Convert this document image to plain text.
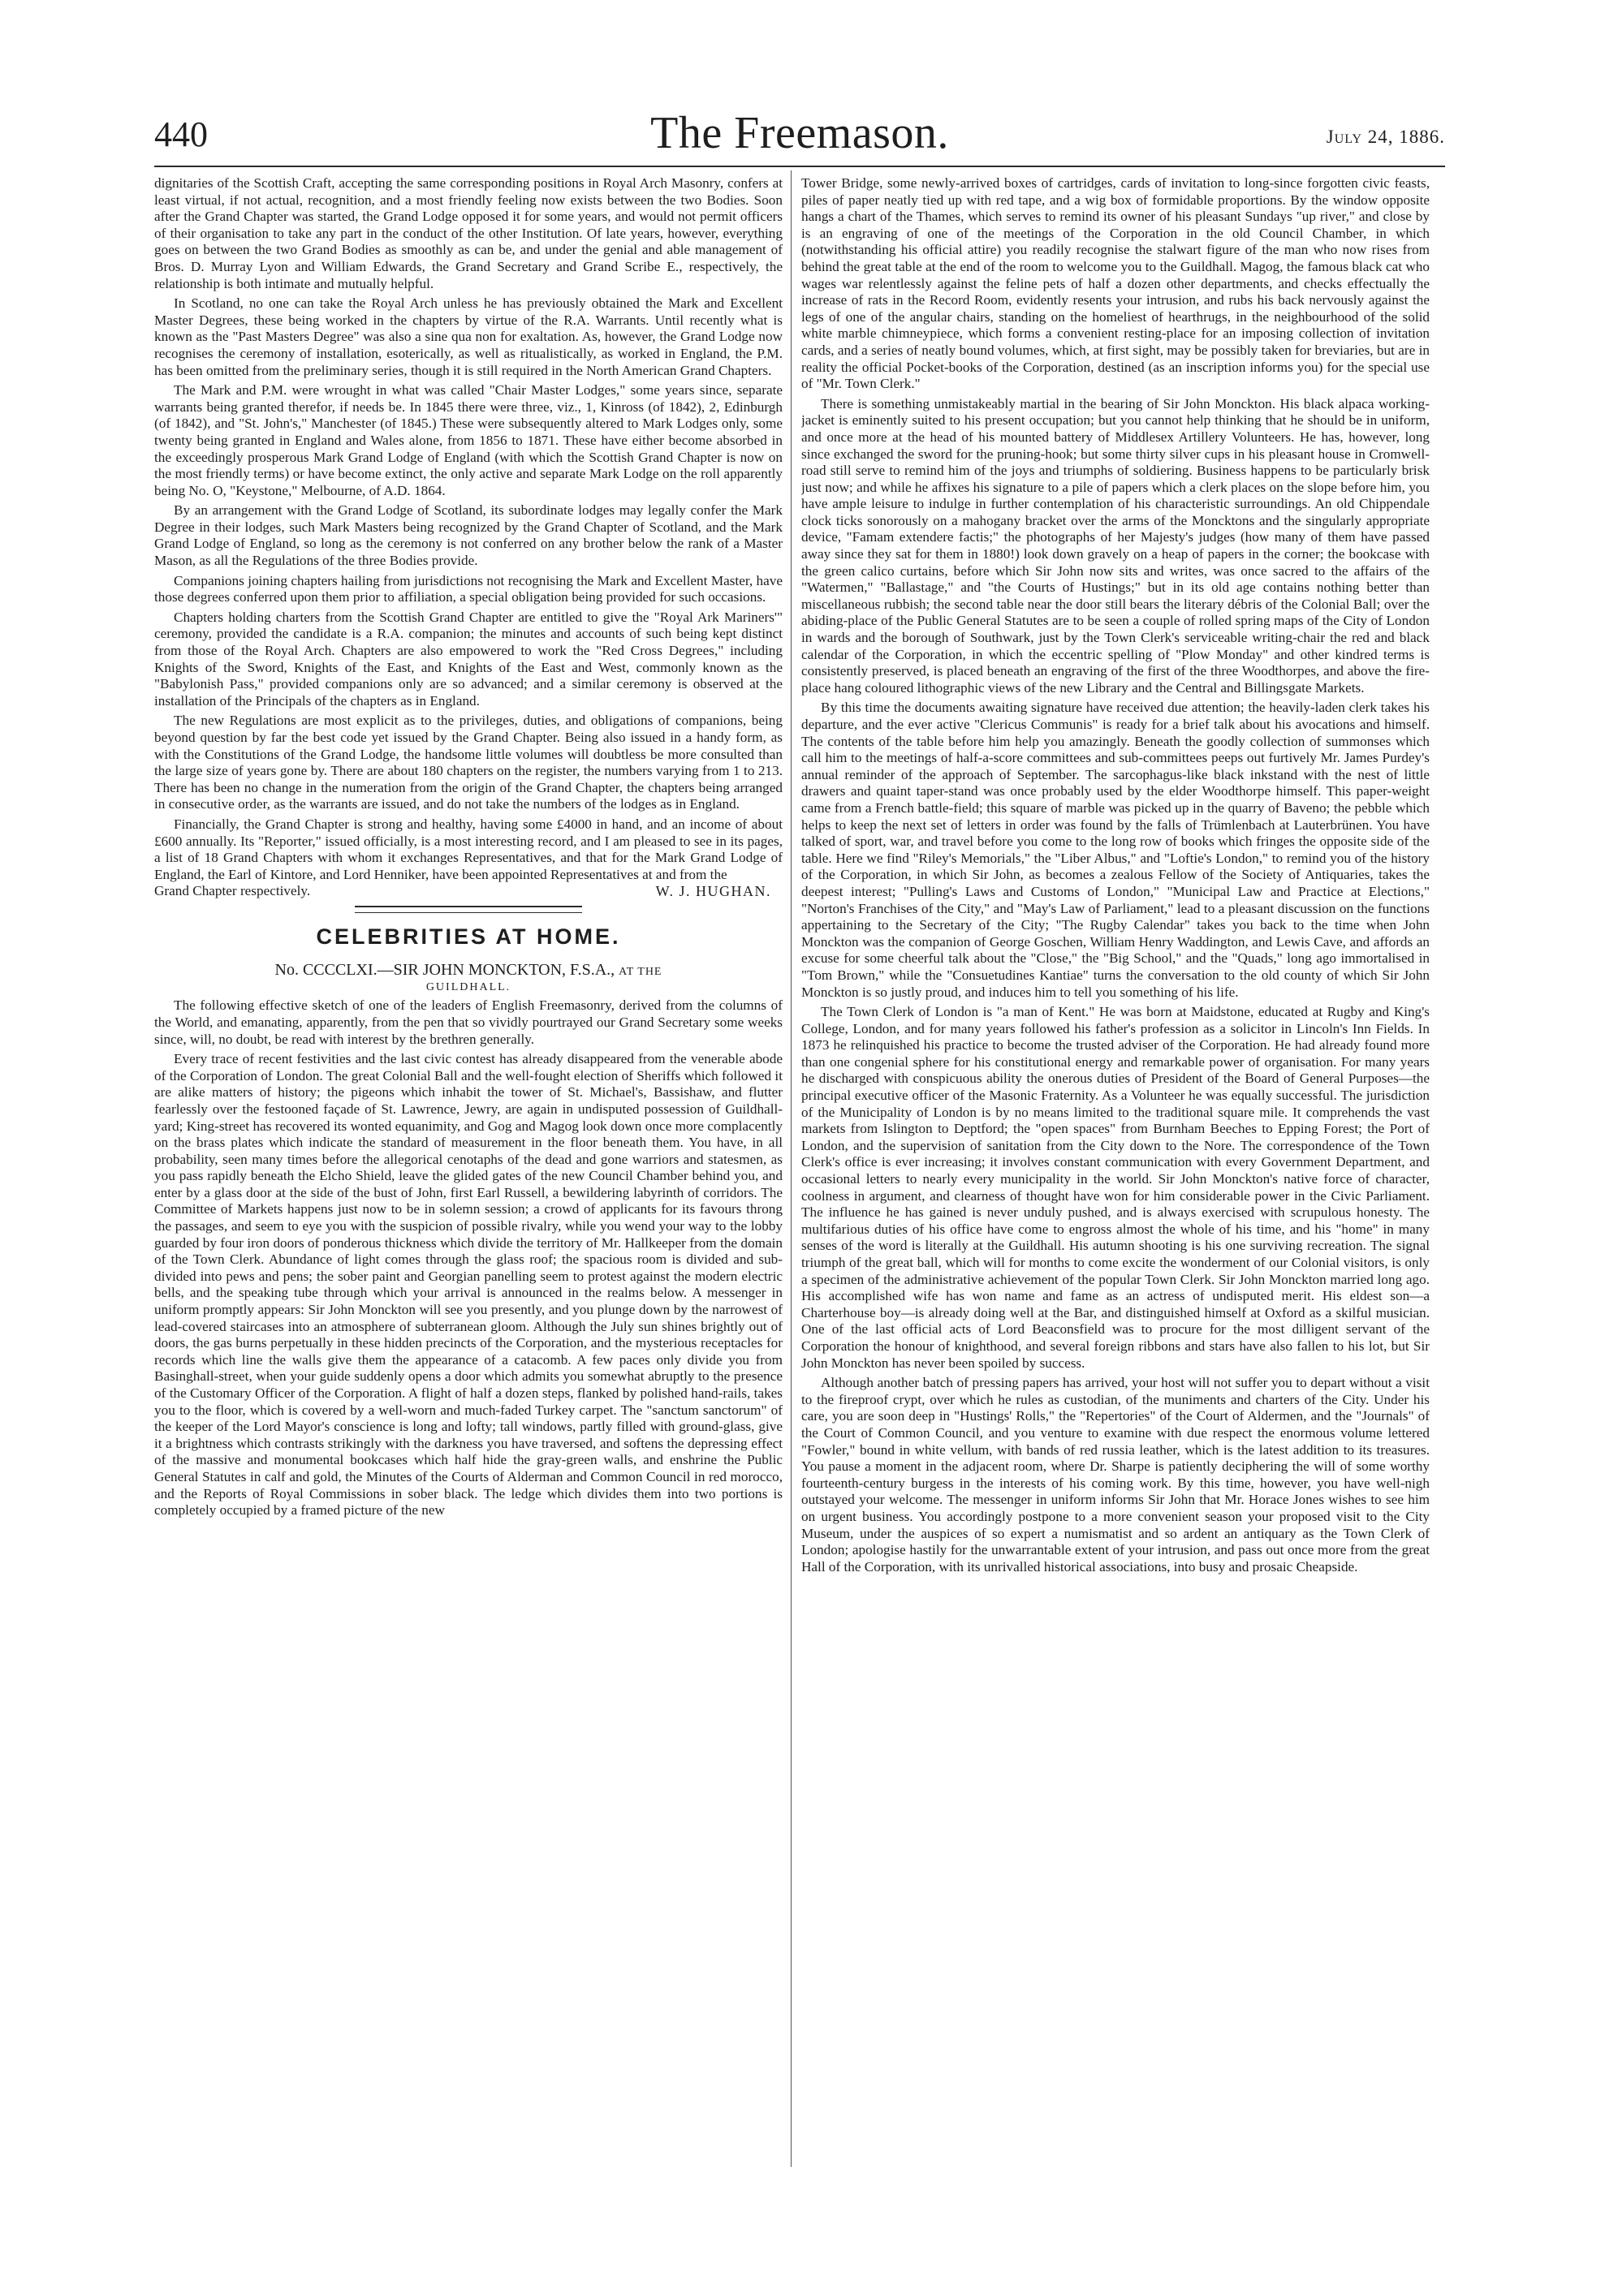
440	The Freemason.	July 24, 1886.

dignitaries of the Scottish Craft, accepting the same corresponding positions in Royal Arch Masonry, confers at least virtual, if not actual, recognition, and a most friendly feeling now exists between the two Bodies. Soon after the Grand Chapter was started, the Grand Lodge opposed it for some years, and would not permit officers of their organisation to take any part in the conduct of the other Institution. Of late years, however, everything goes on between the two Grand Bodies as smoothly as can be, and under the genial and able management of Bros. D. Murray Lyon and William Edwards, the Grand Secretary and Grand Scribe E., respectively, the relationship is both intimate and mutually helpful.

In Scotland, no one can take the Royal Arch unless he has previously obtained the Mark and Excellent Master Degrees, these being worked in the chapters by virtue of the R.A. Warrants. Until recently what is known as the "Past Masters Degree" was also a sine qua non for exaltation. As, however, the Grand Lodge now recognises the ceremony of installation, esoterically, as well as ritualistically, as worked in England, the P.M. has been omitted from the preliminary series, though it is still required in the North American Grand Chapters.

The Mark and P.M. were wrought in what was called "Chair Master Lodges," some years since, separate warrants being granted therefor, if needs be. In 1845 there were three, viz., 1, Kinross (of 1842), 2, Edinburgh (of 1842), and "St. John's," Manchester (of 1845.) These were subsequently altered to Mark Lodges only, some twenty being granted in England and Wales alone, from 1856 to 1871. These have either become absorbed in the exceedingly prosperous Mark Grand Lodge of England (with which the Scottish Grand Chapter is now on the most friendly terms) or have become extinct, the only active and separate Mark Lodge on the roll apparently being No. O, "Keystone," Melbourne, of A.D. 1864.

By an arrangement with the Grand Lodge of Scotland, its subordinate lodges may legally confer the Mark Degree in their lodges, such Mark Masters being recognized by the Grand Chapter of Scotland, and the Mark Grand Lodge of England, so long as the ceremony is not conferred on any brother below the rank of a Master Mason, as all the Regulations of the three Bodies provide.

Companions joining chapters hailing from jurisdictions not recognising the Mark and Excellent Master, have those degrees conferred upon them prior to affiliation, a special obligation being provided for such occasions.

Chapters holding charters from the Scottish Grand Chapter are entitled to give the "Royal Ark Mariners'" ceremony, provided the candidate is a R.A. companion; the minutes and accounts of such being kept distinct from those of the Royal Arch. Chapters are also empowered to work the "Red Cross Degrees," including Knights of the Sword, Knights of the East, and Knights of the East and West, commonly known as the "Babylonish Pass," provided companions only are so advanced; and a similar ceremony is observed at the installation of the Principals of the chapters as in England.

The new Regulations are most explicit as to the privileges, duties, and obligations of companions, being beyond question by far the best code yet issued by the Grand Chapter. Being also issued in a handy form, as with the Constitutions of the Grand Lodge, the handsome little volumes will doubtless be more consulted than the large size of years gone by. There are about 180 chapters on the register, the numbers varying from 1 to 213. There has been no change in the numeration from the origin of the Grand Chapter, the chapters being arranged in consecutive order, as the warrants are issued, and do not take the numbers of the lodges as in England.

Financially, the Grand Chapter is strong and healthy, having some £4000 in hand, and an income of about £600 annually. Its "Reporter," issued officially, is a most interesting record, and I am pleased to see in its pages, a list of 18 Grand Chapters with whom it exchanges Representatives, and that for the Mark Grand Lodge of England, the Earl of Kintore, and Lord Henniker, have been appointed Representatives at and from the

Grand Chapter respectively.	W. J. HUGHAN.
CELEBRITIES AT HOME.
No. CCCCLXI.—SIR JOHN MONCKTON, F.S.A., AT THE
GUILDHALL.

The following effective sketch of one of the leaders of English Freemasonry, derived from the columns of the World, and emanating, apparently, from the pen that so vividly pourtrayed our Grand Secretary some weeks since, will, no doubt, be read with interest by the brethren generally.

Every trace of recent festivities and the last civic contest has already disappeared from the venerable abode of the Corporation of London. The great Colonial Ball and the well-fought election of Sheriffs which followed it are alike matters of history; the pigeons which inhabit the tower of St. Michael's, Bassishaw, and flutter fearlessly over the festooned façade of St. Lawrence, Jewry, are again in undisputed possession of Guildhall-yard; King-street has recovered its wonted equanimity, and Gog and Magog look down once more complacently on the brass plates which indicate the standard of measurement in the floor beneath them. You have, in all probability, seen many times before the allegorical cenotaphs of the dead and gone warriors and statesmen, as you pass rapidly beneath the Elcho Shield, leave the glided gates of the new Council Chamber behind you, and enter by a glass door at the side of the bust of John, first Earl Russell, a bewildering labyrinth of corridors. The Committee of Markets happens just now to be in solemn session; a crowd of applicants for its favours throng the passages, and seem to eye you with the suspicion of possible rivalry, while you wend your way to the lobby guarded by four iron doors of ponderous thickness which divide the territory of Mr. Hallkeeper from the domain of the Town Clerk. Abundance of light comes through the glass roof; the spacious room is divided and sub-divided into pews and pens; the sober paint and Georgian panelling seem to protest against the modern electric bells, and the speaking tube through which your arrival is announced in the realms below. A messenger in uniform promptly appears: Sir John Monckton will see you presently, and you plunge down by the narrowest of lead-covered staircases into an atmosphere of subterranean gloom. Although the July sun shines brightly out of doors, the gas burns perpetually in these hidden precincts of the Corporation, and the mysterious receptacles for records which line the walls give them the appearance of a catacomb. A few paces only divide you from Basinghall-street, when your guide suddenly opens a door which admits you somewhat abruptly to the presence of the Customary Officer of the Corporation. A flight of half a dozen steps, flanked by polished hand-rails, takes you to the floor, which is covered by a well-worn and much-faded Turkey carpet. The "sanctum sanctorum" of the keeper of the Lord Mayor's conscience is long and lofty; tall windows, partly filled with ground-glass, give it a brightness which contrasts strikingly with the darkness you have traversed, and softens the depressing effect of the massive and monumental bookcases which half hide the gray-green walls, and enshrine the Public General Statutes in calf and gold, the Minutes of the Courts of Alderman and Common Council in red morocco, and the Reports of Royal Commissions in sober black. The ledge which divides them into two portions is completely occupied by a framed picture of the new

Tower Bridge, some newly-arrived boxes of cartridges, cards of invitation to long-since forgotten civic feasts, piles of paper neatly tied up with red tape, and a wig box of formidable proportions. By the window opposite hangs a chart of the Thames, which serves to remind its owner of his pleasant Sundays "up river," and close by is an engraving of one of the meetings of the Corporation in the old Council Chamber, in which (notwithstanding his official attire) you readily recognise the stalwart figure of the man who now rises from behind the great table at the end of the room to welcome you to the Guildhall. Magog, the famous black cat who wages war relentlessly against the feline pets of half a dozen other departments, and checks effectually the increase of rats in the Record Room, evidently resents your intrusion, and rubs his back nervously against the legs of one of the angular chairs, standing on the homeliest of hearthrugs, in the neighbourhood of the solid white marble chimneypiece, which forms a convenient resting-place for an imposing collection of invitation cards, and a series of neatly bound volumes, which, at first sight, may be possibly taken for breviaries, but are in reality the official Pocket-books of the Corporation, destined (as an inscription informs you) for the special use of "Mr. Town Clerk."

There is something unmistakeably martial in the bearing of Sir John Monckton. His black alpaca working-jacket is eminently suited to his present occupation; but you cannot help thinking that he should be in uniform, and once more at the head of his mounted battery of Middlesex Artillery Volunteers. He has, however, long since exchanged the sword for the pruning-hook; but some thirty silver cups in his pleasant house in Cromwell-road still serve to remind him of the joys and triumphs of soldiering. Business happens to be particularly brisk just now; and while he affixes his signature to a pile of papers which a clerk places on the slope before him, you have ample leisure to indulge in further contemplation of his characteristic surroundings. An old Chippendale clock ticks sonorously on a mahogany bracket over the arms of the Moncktons and the singularly appropriate device, "Famam extendere factis;" the photographs of her Majesty's judges (how many of them have passed away since they sat for them in 1880!) look down gravely on a heap of papers in the corner; the bookcase with the green calico curtains, before which Sir John now sits and writes, was once sacred to the affairs of the "Watermen," "Ballastage," and "the Courts of Hustings;" but in its old age contains nothing better than miscellaneous rubbish; the second table near the door still bears the literary débris of the Colonial Ball; over the abiding-place of the Public General Statutes are to be seen a couple of rolled spring maps of the City of London in wards and the borough of Southwark, just by the Town Clerk's serviceable writing-chair the red and black calendar of the Corporation, in which the eccentric spelling of "Plow Monday" and other kindred terms is consistently preserved, is placed beneath an engraving of the first of the three Woodthorpes, and above the fire-place hang coloured lithographic views of the new Library and the Central and Billingsgate Markets.

By this time the documents awaiting signature have received due attention; the heavily-laden clerk takes his departure, and the ever active "Clericus Communis" is ready for a brief talk about his avocations and himself. The contents of the table before him help you amazingly. Beneath the goodly collection of summonses which call him to the meetings of half-a-score committees and sub-committees peeps out furtively Mr. James Purdey's annual reminder of the approach of September. The sarcophagus-like black inkstand with the nest of little drawers and quaint taper-stand was once probably used by the elder Woodthorpe himself. This paper-weight came from a French battle-field; this square of marble was picked up in the quarry of Baveno; the pebble which helps to keep the next set of letters in order was found by the falls of Trümlenbach at Lauterbrünen. You have talked of sport, war, and travel before you come to the long row of books which fringes the opposite side of the table. Here we find "Riley's Memorials," the "Liber Albus," and "Loftie's London," to remind you of the history of the Corporation, in which Sir John, as becomes a zealous Fellow of the Society of Antiquaries, takes the deepest interest; "Pulling's Laws and Customs of London," "Municipal Law and Practice at Elections," "Norton's Franchises of the City," and "May's Law of Parliament," lead to a pleasant discussion on the functions appertaining to the Secretary of the City; "The Rugby Calendar" takes you back to the time when John Monckton was the companion of George Goschen, William Henry Waddington, and Lewis Cave, and affords an excuse for some cheerful talk about the "Close," the "Big School," and the "Quads," long ago immortalised in "Tom Brown," while the "Consuetudines Kantiae" turns the conversation to the old county of which Sir John Monckton is so justly proud, and induces him to tell you something of his life.

The Town Clerk of London is "a man of Kent." He was born at Maidstone, educated at Rugby and King's College, London, and for many years followed his father's profession as a solicitor in Lincoln's Inn Fields. In 1873 he relinquished his practice to become the trusted adviser of the Corporation. He had already found more than one congenial sphere for his constitutional energy and remarkable power of organisation. For many years he discharged with conspicuous ability the onerous duties of President of the Board of General Purposes—the principal executive officer of the Masonic Fraternity. As a Volunteer he was equally successful. The jurisdiction of the Municipality of London is by no means limited to the traditional square mile. It comprehends the vast markets from Islington to Deptford; the "open spaces" from Burnham Beeches to Epping Forest; the Port of London, and the supervision of sanitation from the City down to the Nore. The correspondence of the Town Clerk's office is ever increasing; it involves constant communication with every Government Department, and occasional letters to nearly every municipality in the world. Sir John Monckton's native force of character, coolness in argument, and clearness of thought have won for him considerable power in the Civic Parliament. The influence he has gained is never unduly pushed, and is always exercised with scrupulous honesty. The multifarious duties of his office have come to engross almost the whole of his time, and his "home" in many senses of the word is literally at the Guildhall. His autumn shooting is his one surviving recreation. The signal triumph of the great ball, which will for months to come excite the wonderment of our Colonial visitors, is only a specimen of the administrative achievement of the popular Town Clerk. Sir John Monckton married long ago. His accomplished wife has won name and fame as an actress of undisputed merit. His eldest son—a Charterhouse boy—is already doing well at the Bar, and distinguished himself at Oxford as a skilful musician. One of the last official acts of Lord Beaconsfield was to procure for the most dilligent servant of the Corporation the honour of knighthood, and several foreign ribbons and stars have also fallen to his lot, but Sir John Monckton has never been spoiled by success.

Although another batch of pressing papers has arrived, your host will not suffer you to depart without a visit to the fireproof crypt, over which he rules as custodian, of the muniments and charters of the City. Under his care, you are soon deep in "Hustings' Rolls," the "Repertories" of the Court of Aldermen, and the "Journals" of the Court of Common Council, and you venture to examine with due respect the enormous volume lettered "Fowler," bound in white vellum, with bands of red russia leather, which is the latest addition to its treasures. You pause a moment in the adjacent room, where Dr. Sharpe is patiently deciphering the will of some worthy fourteenth-century burgess in the interests of his coming work. By this time, however, you have well-nigh outstayed your welcome. The messenger in uniform informs Sir John that Mr. Horace Jones wishes to see him on urgent business. You accordingly postpone to a more convenient season your proposed visit to the City Museum, under the auspices of so expert a numismatist and so ardent an antiquary as the Town Clerk of London; apologise hastily for the unwarrantable extent of your intrusion, and pass out once more from the great Hall of the Corporation, with its unrivalled historical associations, into busy and prosaic Cheapside.
